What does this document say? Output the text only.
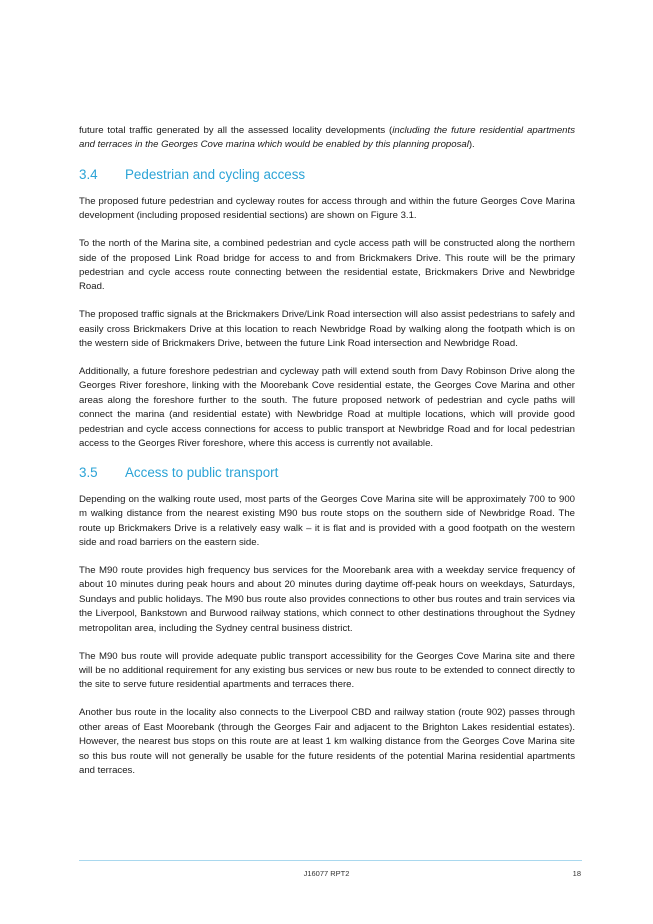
future total traffic generated by all the assessed locality developments (including the future residential apartments and terraces in the Georges Cove marina which would be enabled by this planning proposal).

3.4	Pedestrian and cycling access

The proposed future pedestrian and cycleway routes for access through and within the future Georges Cove Marina development (including proposed residential sections) are shown on Figure 3.1.

To the north of the Marina site, a combined pedestrian and cycle access path will be constructed along the northern side of the proposed Link Road bridge for access to and from Brickmakers Drive. This route will be the primary pedestrian and cycle access route connecting between the residential estate, Brickmakers Drive and Newbridge Road.

The proposed traffic signals at the Brickmakers Drive/Link Road intersection will also assist pedestrians to safely and easily cross Brickmakers Drive at this location to reach Newbridge Road by walking along the footpath which is on the western side of Brickmakers Drive, between the future Link Road intersection and Newbridge Road.

Additionally, a future foreshore pedestrian and cycleway path will extend south from Davy Robinson Drive along the Georges River foreshore, linking with the Moorebank Cove residential estate, the Georges Cove Marina and other areas along the foreshore further to the south. The future proposed network of pedestrian and cycle paths will connect the marina (and residential estate) with Newbridge Road at multiple locations, which will provide good pedestrian and cycle access connections for access to public transport at Newbridge Road and for local pedestrian access to the Georges River foreshore, where this access is currently not available.

3.5	Access to public transport

Depending on the walking route used, most parts of the Georges Cove Marina site will be approximately 700 to 900 m walking distance from the nearest existing M90 bus route stops on the southern side of Newbridge Road. The route up Brickmakers Drive is a relatively easy walk – it is flat and is provided with a good footpath on the western side and road barriers on the eastern side.

The M90 route provides high frequency bus services for the Moorebank area with a weekday service frequency of about 10 minutes during peak hours and about 20 minutes during daytime off-peak hours on weekdays, Saturdays, Sundays and public holidays. The M90 bus route also provides connections to other bus routes and train services via the Liverpool, Bankstown and Burwood railway stations, which connect to other destinations throughout the Sydney metropolitan area, including the Sydney central business district.

The M90 bus route will provide adequate public transport accessibility for the Georges Cove Marina site and there will be no additional requirement for any existing bus services or new bus route to be extended to connect directly to the site to serve future residential apartments and terraces there.

Another bus route in the locality also connects to the Liverpool CBD and railway station (route 902) passes through other areas of East Moorebank (through the Georges Fair and adjacent to the Brighton Lakes residential estates). However, the nearest bus stops on this route are at least 1 km walking distance from the Georges Cove Marina site so this bus route will not generally be usable for the future residents of the potential Marina residential apartments and terraces.

J16077 RPT2	18
